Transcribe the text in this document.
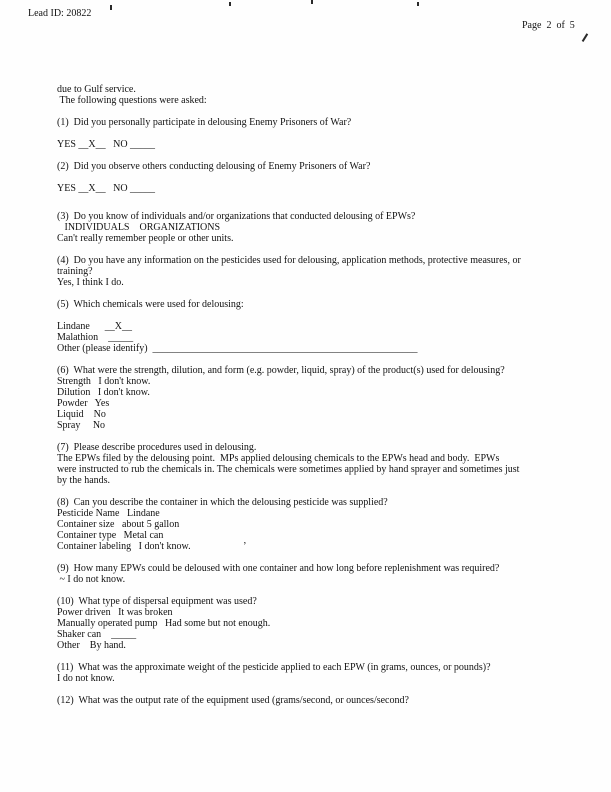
Lead ID: 20822
Page  2  of  5
due to Gulf service.
The following questions were asked:
(1)  Did you personally participate in delousing Enemy Prisoners of War?
YES __X__   NO _____
(2)  Did you observe others conducting delousing of Enemy Prisoners of War?
YES __X__   NO _____
(3)  Do you know of individuals and/or organizations that conducted delousing of EPWs?
INDIVIDUALS    ORGANIZATIONS
Can't really remember people or other units.
(4)  Do you have any information on the pesticides used for delousing, application methods, protective measures, or
training?
Yes, I think I do.
(5)  Which chemicals were used for delousing:
Lindane      __X__
Malathion    _____
Other (please identify)  _____________________________________________________
(6)  What were the strength, dilution, and form (e.g. powder, liquid, spray) of the product(s) used for delousing?
Strength   I don't know.
Dilution   I don't know.
Powder   Yes
Liquid    No
Spray     No
(7)  Please describe procedures used in delousing.
The EPWs filed by the delousing point.  MPs applied delousing chemicals to the EPWs head and body.  EPWs
were instructed to rub the chemicals in. The chemicals were sometimes applied by hand sprayer and sometimes just
by the hands.
(8)  Can you describe the container in which the delousing pesticide was supplied?
Pesticide Name   Lindane
Container size   about 5 gallon
Container type   Metal can
Container labeling   I don't know.                     ’
(9)  How many EPWs could be deloused with one container and how long before replenishment was required?
~ I do not know.
(10)  What type of dispersal equipment was used?
Power driven   It was broken
Manually operated pump   Had some but not enough.
Shaker can    _____
Other    By hand.
(11)  What was the approximate weight of the pesticide applied to each EPW (in grams, ounces, or pounds)?
I do not know.
(12)  What was the output rate of the equipment used (grams/second, or ounces/second?
